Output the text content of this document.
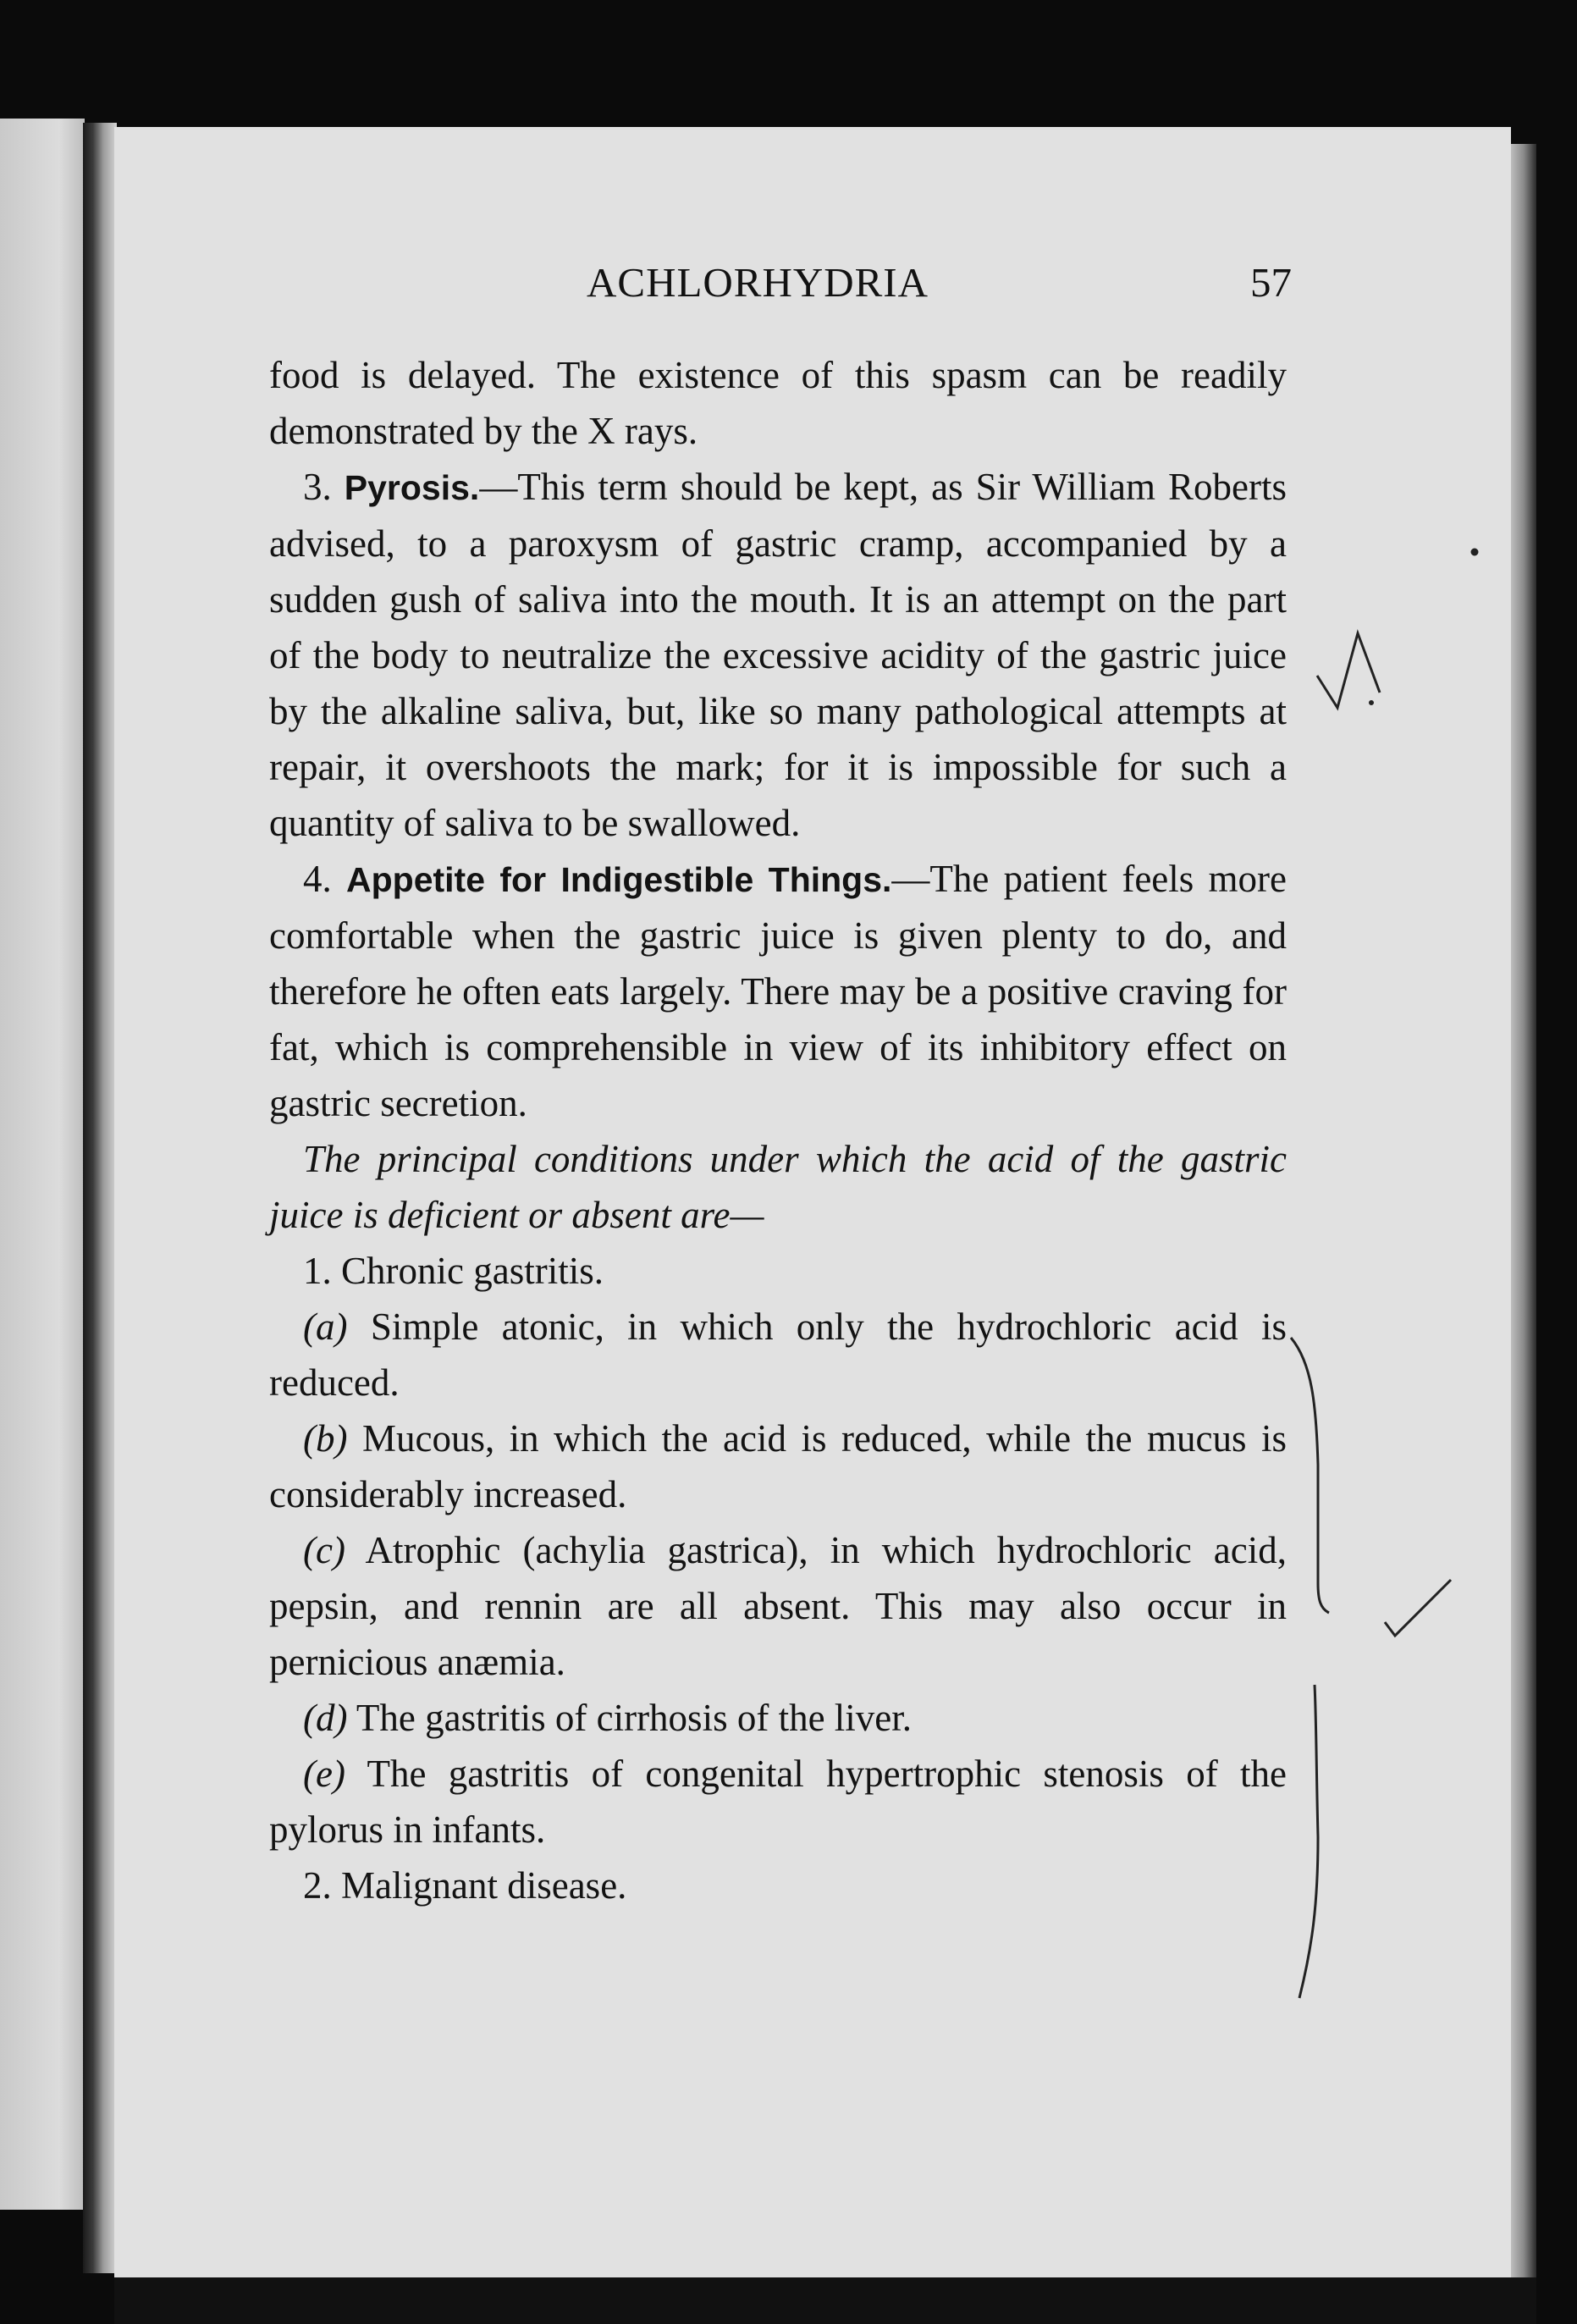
ACHLORHYDRIA	57

food is delayed. The existence of this spasm can be readily demonstrated by the X rays.

3. Pyrosis.—This term should be kept, as Sir William Roberts advised, to a paroxysm of gastric cramp, accompanied by a sudden gush of saliva into the mouth. It is an attempt on the part of the body to neutralize the excessive acidity of the gastric juice by the alkaline saliva, but, like so many pathological attempts at repair, it overshoots the mark; for it is impossible for such a quantity of saliva to be swallowed.

4. Appetite for Indigestible Things.—The patient feels more comfortable when the gastric juice is given plenty to do, and therefore he often eats largely. There may be a positive craving for fat, which is comprehensible in view of its inhibitory effect on gastric secretion.

The principal conditions under which the acid of the gastric juice is deficient or absent are—

1. Chronic gastritis.

(a) Simple atonic, in which only the hydrochloric acid is reduced.

(b) Mucous, in which the acid is reduced, while the mucus is considerably increased.

(c) Atrophic (achylia gastrica), in which hydrochloric acid, pepsin, and rennin are all absent. This may also occur in pernicious anæmia.

(d) The gastritis of cirrhosis of the liver.

(e) The gastritis of congenital hypertrophic stenosis of the pylorus in infants.

2. Malignant disease.
